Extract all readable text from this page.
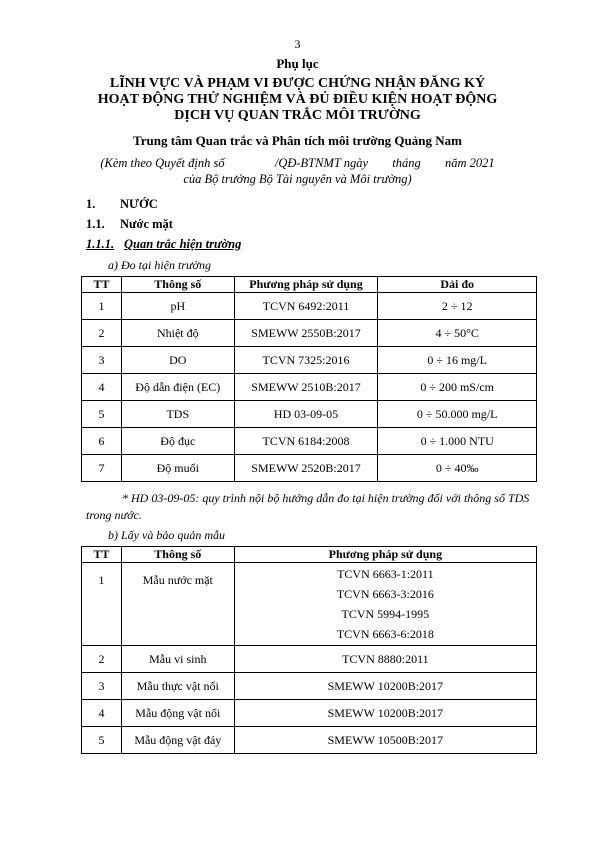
3
Phụ lục
LĨNH VỰC VÀ PHẠM VI ĐƯỢC CHỨNG NHẬN ĐĂNG KÝ
HOẠT ĐỘNG THỬ NGHIỆM VÀ ĐỦ ĐIỀU KIỆN HOẠT ĐỘNG
DỊCH VỤ QUAN TRẮC MÔI TRƯỜNG
Trung tâm Quan trắc và Phân tích môi trường Quảng Nam
(Kèm theo Quyết định số	/QĐ-BTNMT ngày tháng năm 2021
của Bộ trưởng Bộ Tài nguyên và Môi trường)
1. NƯỚC
1.1. Nước mặt
1.1.1. Quan trắc hiện trường
a) Đo tại hiện trường
TT	Thông số	Phương pháp sử dụng	Dải đo
1	pH	TCVN 6492:2011	2 ÷ 12
2	Nhiệt độ	SMEWW 2550B:2017	4 ÷ 50°C
3	DO	TCVN 7325:2016	0 ÷ 16 mg/L
4	Độ dẫn điện (EC)	SMEWW 2510B:2017	0 ÷ 200 mS/cm
5	TDS	HD 03-09-05	0 ÷ 50.000 mg/L
6	Độ đục	TCVN 6184:2008	0 ÷ 1.000 NTU
7	Độ muối	SMEWW 2520B:2017	0 ÷ 40‰
* HD 03-09-05: quy trình nội bộ hướng dẫn đo tại hiện trường đối với thông số TDS trong nước.
b) Lấy và bảo quản mẫu
TT	Thông số	Phương pháp sử dụng
1	Mẫu nước mặt	TCVN 6663-1:2011
TCVN 6663-3:2016
TCVN 5994-1995
TCVN 6663-6:2018

2	Mẫu vi sinh	TCVN 8880:2011
3	Mẫu thực vật nổi	SMEWW 10200B:2017
4	Mẫu động vật nổi	SMEWW 10200B:2017
5	Mẫu động vật đáy	SMEWW 10500B:2017
